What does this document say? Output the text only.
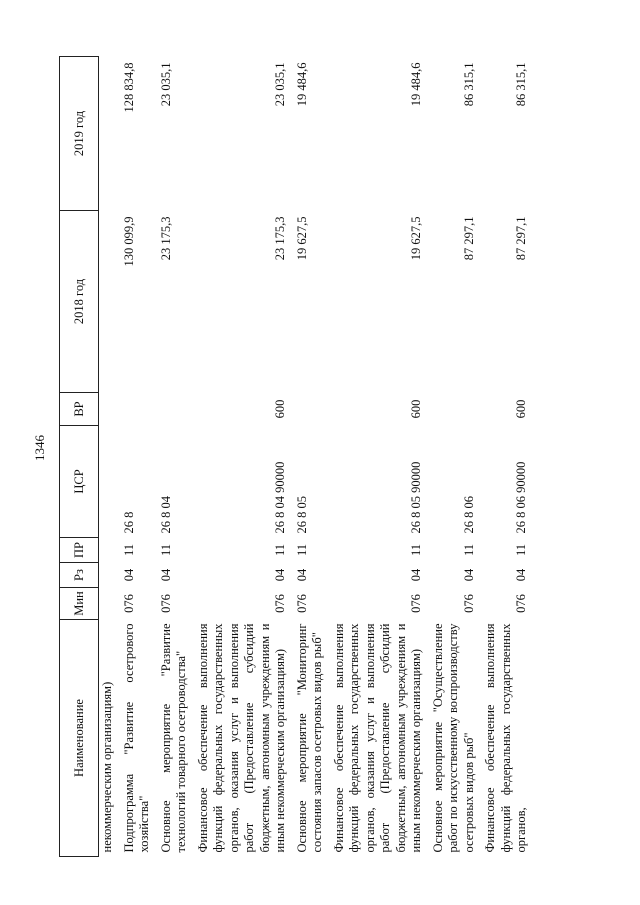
1346
Наименование	Мин	Рз	ПР	ЦСР	ВР	2018 год	2019 год
некоммерческим организациям)							
Подпрограмма "Развитие осетрового хозяйства"	076	04	11	26 8		130 099,9	128 834,8
Основное мероприятие "Развитие технологий товарного осетроводства"	076	04	11	26 8 04		23 175,3	23 035,1
Финансовое обеспечение выполнения функций федеральных государственных органов, оказания услуг и выполнения работ (Предоставление субсидий бюджетным, автономным учреждениям и иным некоммерческим организациям)	076	04	11	26 8 04 90000	600	23 175,3	23 035,1
Основное мероприятие "Мониторинг состояния запасов осетровых видов рыб"	076	04	11	26 8 05		19 627,5	19 484,6
Финансовое обеспечение выполнения функций федеральных государственных органов, оказания услуг и выполнения работ (Предоставление субсидий бюджетным, автономным учреждениям и иным некоммерческим организациям)	076	04	11	26 8 05 90000	600	19 627,5	19 484,6
Основное мероприятие "Осуществление работ по искусственному воспроизводству осетровых видов рыб"	076	04	11	26 8 06		87 297,1	86 315,1
Финансовое обеспечение выполнения функций федеральных государственных органов,	076	04	11	26 8 06 90000	600	87 297,1	86 315,1
